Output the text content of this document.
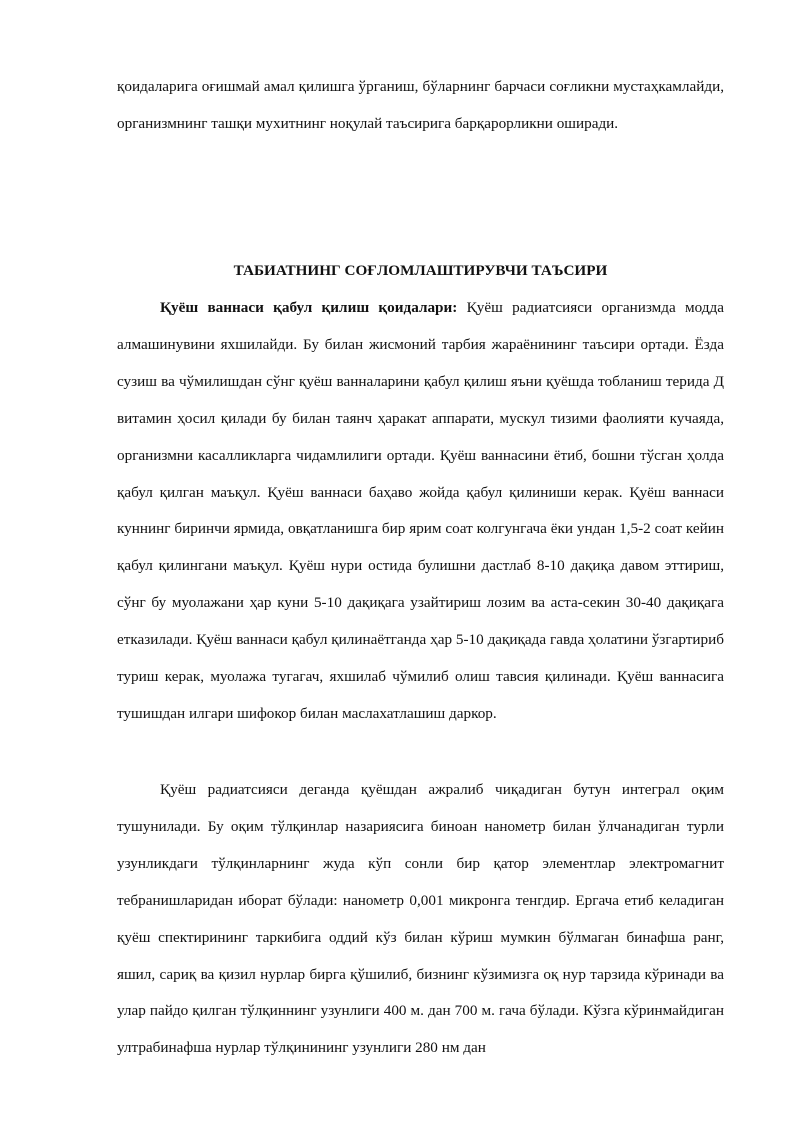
қоидаларига оғишмай амал қилишга ўрганиш, бўларнинг барчаси соғликни мустаҳкамлайди, организмнинг ташқи мухитнинг ноқулай таъсирига барқарорликни оширади.

ТАБИАТНИНГ СОҒЛОМЛАШТИРУВЧИ ТАЪСИРИ

Қуёш ваннаси қабул қилиш қоидалари: Қуёш радиатсияси организмда модда алмашинувини яхшилайди. Бу билан жисмоний тарбия жараёнининг таъсири ортади. Ёзда сузиш ва чўмилишдан сўнг қуёш ванналарини қабул қилиш яъни қуёшда тобланиш терида Д витамин ҳосил қилади бу билан таянч ҳаракат аппарати, мускул тизими фаолияти кучаяда, организмни касалликларга чидамлилиги ортади. Қуёш ваннасини ётиб, бошни тўсган ҳолда қабул қилган маъқул. Қуёш ваннаси баҳаво жойда қабул қилиниши керак. Қуёш ваннаси куннинг биринчи ярмида, овқатланишга бир ярим соат колгунгача ёки ундан 1,5-2 соат кейин қабул қилингани маъқул. Қуёш нури остида булишни дастлаб 8-10 дақиқа давом эттириш, сўнг бу муолажани ҳар куни 5-10 дақиқага узайтириш лозим ва аста-секин 30-40 дақиқага етказилади. Қуёш ваннаси қабул қилинаётганда ҳар 5-10 дақиқада гавда ҳолатини ўзгартириб туриш керак, муолажа тугагач, яхшилаб чўмилиб олиш тавсия қилинади. Қуёш ваннасига тушишдан илгари шифокор билан маслахатлашиш даркор.

Қуёш радиатсияси деганда қуёшдан ажралиб чиқадиган бутун интеграл оқим тушунилади. Бу оқим тўлқинлар назариясига биноан нанометр билан ўлчанадиган турли узунликдаги тўлқинларнинг жуда кўп сонли бир қатор элементлар электромагнит тебранишларидан иборат бўлади: нанометр 0,001 микронга тенгдир. Ергача етиб келадиган қуёш спектирининг таркибига оддий кўз билан кўриш мумкин бўлмаган бинафша ранг, яшил, сариқ ва қизил нурлар бирга қўшилиб, бизнинг кўзимизга оқ нур тарзида кўринади ва улар пайдо қилган тўлқиннинг узунлиги 400 м. дан 700 м. гача бўлади. Кўзга кўринмайдиган ултрабинафша нурлар тўлқинининг узунлиги 280 нм дан
